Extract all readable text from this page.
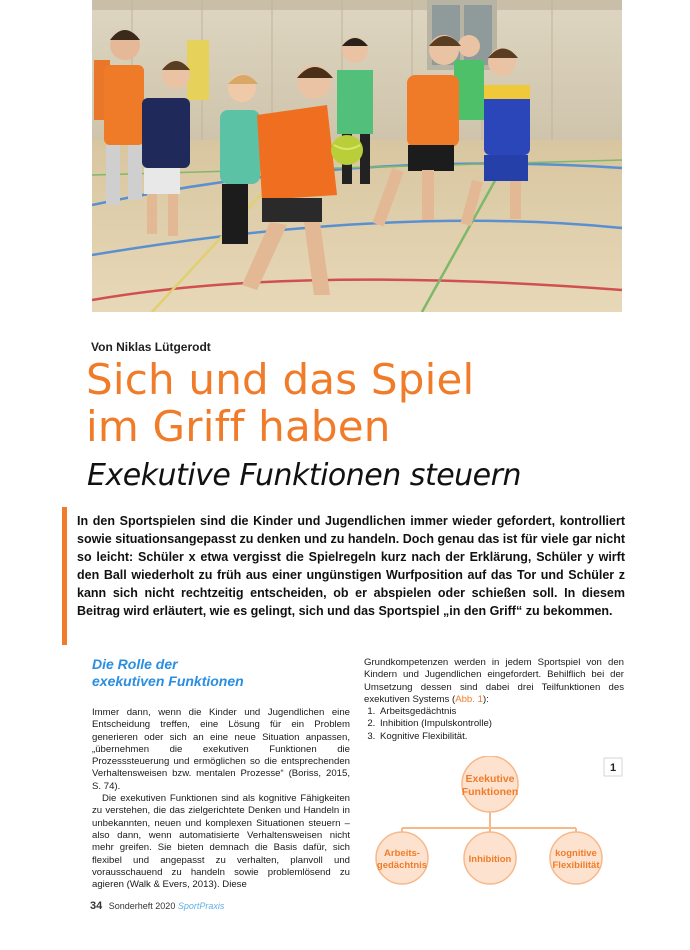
Von Niklas Lütgerodt
Sich und das Spiel
im Griff haben
Exekutive Funktionen steuern

In den Sportspielen sind die Kinder und Jugendlichen immer wieder gefordert, kontrolliert sowie situationsangepasst zu denken und zu handeln. Doch genau das ist für viele gar nicht so leicht: Schüler x etwa vergisst die Spielregeln kurz nach der Erklärung, Schüler y wirft den Ball wiederholt zu früh aus einer ungünstigen Wurfposition auf das Tor und Schüler z kann sich nicht rechtzeitig entscheiden, ob er abspielen oder schießen soll. In diesem Beitrag wird erläutert, wie es gelingt, sich und das Sportspiel „in den Griff“ zu bekommen.

Die Rolle der
exekutiven Funktionen

Immer dann, wenn die Kinder und Jugendlichen eine Entscheidung treffen, eine Lösung für ein Problem generieren oder sich an eine neue Situation anpassen, „übernehmen die exekutiven Funktionen die Prozesssteuerung und ermöglichen so die entsprechenden Verhaltensweisen bzw. mentalen Prozesse“ (Boriss, 2015, S. 74).

Die exekutiven Funktionen sind als kognitive Fähigkeiten zu verstehen, die das zielgerichtete Denken und Handeln in unbekannten, neuen und komplexen Situationen steuern – also dann, wenn automatisierte Verhaltensweisen nicht mehr greifen. Sie bieten demnach die Basis dafür, sich flexibel und angepasst zu verhalten, planvoll und vorausschauend zu handeln sowie problemlösend zu agieren (Walk & Evers, 2013). Diese

Grundkompetenzen werden in jedem Sportspiel von den Kindern und Jugendlichen eingefordert. Behilflich bei der Umsetzung dessen sind dabei drei Teilfunktionen des exekutiven Systems (Abb. 1):

1. Arbeitsgedächtnis
2. Inhibition (Impulskontrolle)
3. Kognitive Flexibilität.
Exekutive
Funktionen
Arbeits-
gedächtnis
Inhibition
kognitive
Flexibilität
1
34 Sonderheft 2020 SportPraxis
